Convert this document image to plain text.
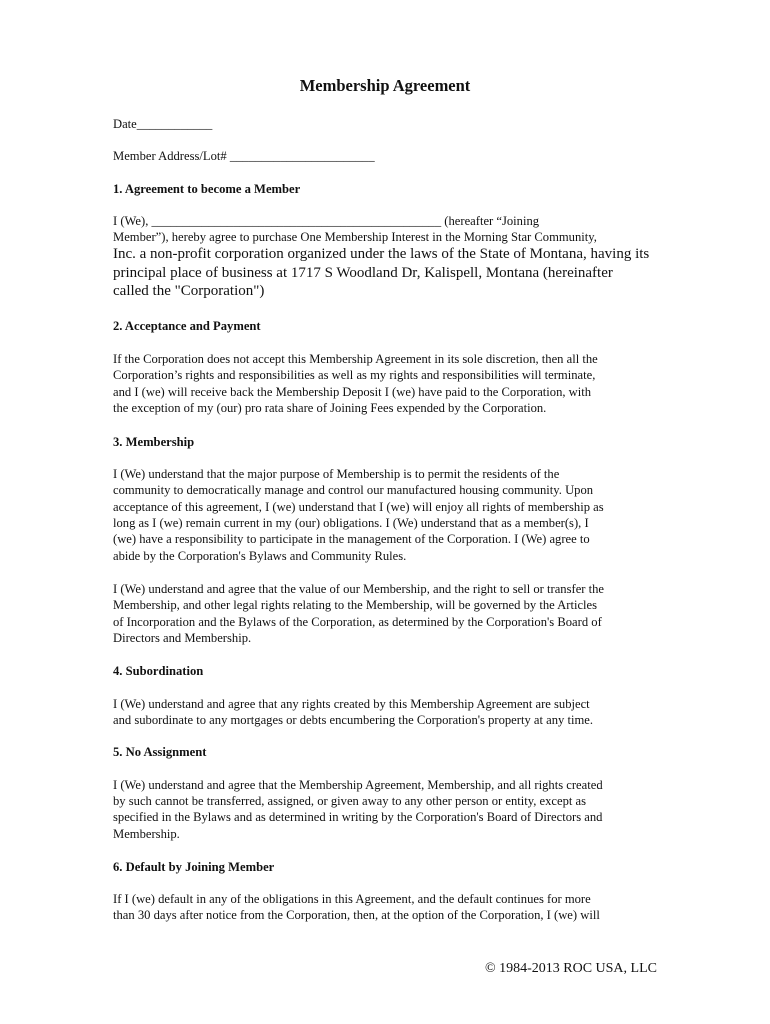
Membership Agreement
Date____________
Member Address/Lot# _______________________
1. Agreement to become a Member
I (We), ______________________________________________ (hereafter “Joining
Member”), hereby agree to purchase One Membership Interest in the Morning Star Community,
Inc. a non-profit corporation organized under the laws of the State of Montana, having its
principal place of business at 1717 S Woodland Dr, Kalispell, Montana (hereinafter
called the "Corporation")
2. Acceptance and Payment
If the Corporation does not accept this Membership Agreement in its sole discretion, then all the
Corporation’s rights and responsibilities as well as my rights and responsibilities will terminate,
and I (we) will receive back the Membership Deposit I (we) have paid to the Corporation, with
the exception of my (our) pro rata share of Joining Fees expended by the Corporation.
3. Membership
I (We) understand that the major purpose of Membership is to permit the residents of the
community to democratically manage and control our manufactured housing community. Upon
acceptance of this agreement, I (we) understand that I (we) will enjoy all rights of membership as
long as I (we) remain current in my (our) obligations. I (We) understand that as a member(s), I
(we) have a responsibility to participate in the management of the Corporation. I (We) agree to
abide by the Corporation's Bylaws and Community Rules.
I (We) understand and agree that the value of our Membership, and the right to sell or transfer the
Membership, and other legal rights relating to the Membership, will be governed by the Articles
of Incorporation and the Bylaws of the Corporation, as determined by the Corporation's Board of
Directors and Membership.
4. Subordination
I (We) understand and agree that any rights created by this Membership Agreement are subject
and subordinate to any mortgages or debts encumbering the Corporation's property at any time.
5. No Assignment
I (We) understand and agree that the Membership Agreement, Membership, and all rights created
by such cannot be transferred, assigned, or given away to any other person or entity, except as
specified in the Bylaws and as determined in writing by the Corporation's Board of Directors and
Membership.
6. Default by Joining Member
If I (we) default in any of the obligations in this Agreement, and the default continues for more
than 30 days after notice from the Corporation, then, at the option of the Corporation, I (we) will
© 1984-2013 ROC USA, LLC
